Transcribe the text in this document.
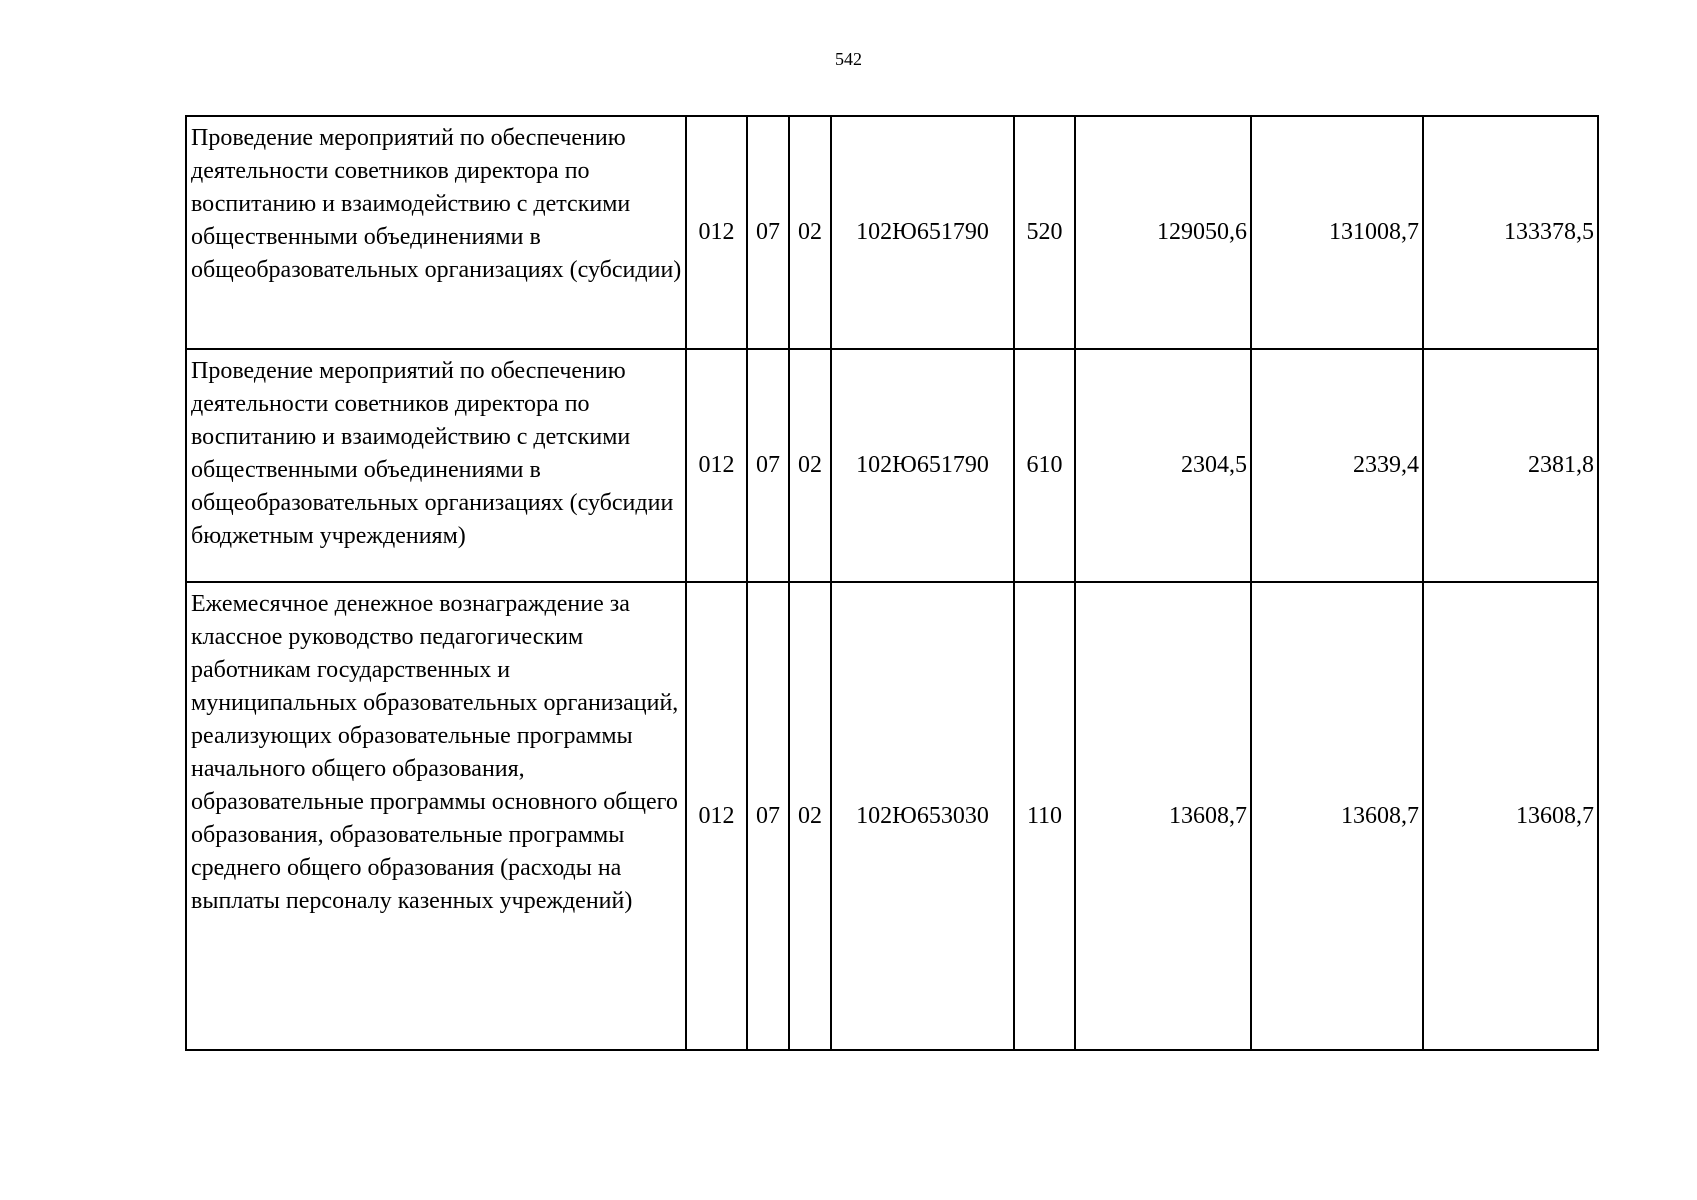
542
Проведение мероприятий по обеспечению деятельности советников директора по воспитанию и взаимодействию с детскими общественными объединениями в общеобразовательных организациях (субсидии)	012	07	02	102Ю651790	520	129050,6	131008,7	133378,5
Проведение мероприятий по обеспечению деятельности советников директора по воспитанию и взаимодействию с детскими общественными объединениями в общеобразовательных организациях (субсидии бюджетным учреждениям)	012	07	02	102Ю651790	610	2304,5	2339,4	2381,8
Ежемесячное денежное вознаграждение за классное руководство педагогическим работникам государственных и муниципальных образовательных организаций, реализующих образовательные программы начального общего образования, образовательные программы основного общего образования, образовательные программы среднего общего образования (расходы на выплаты персоналу казенных учреждений)	012	07	02	102Ю653030	110	13608,7	13608,7	13608,7
